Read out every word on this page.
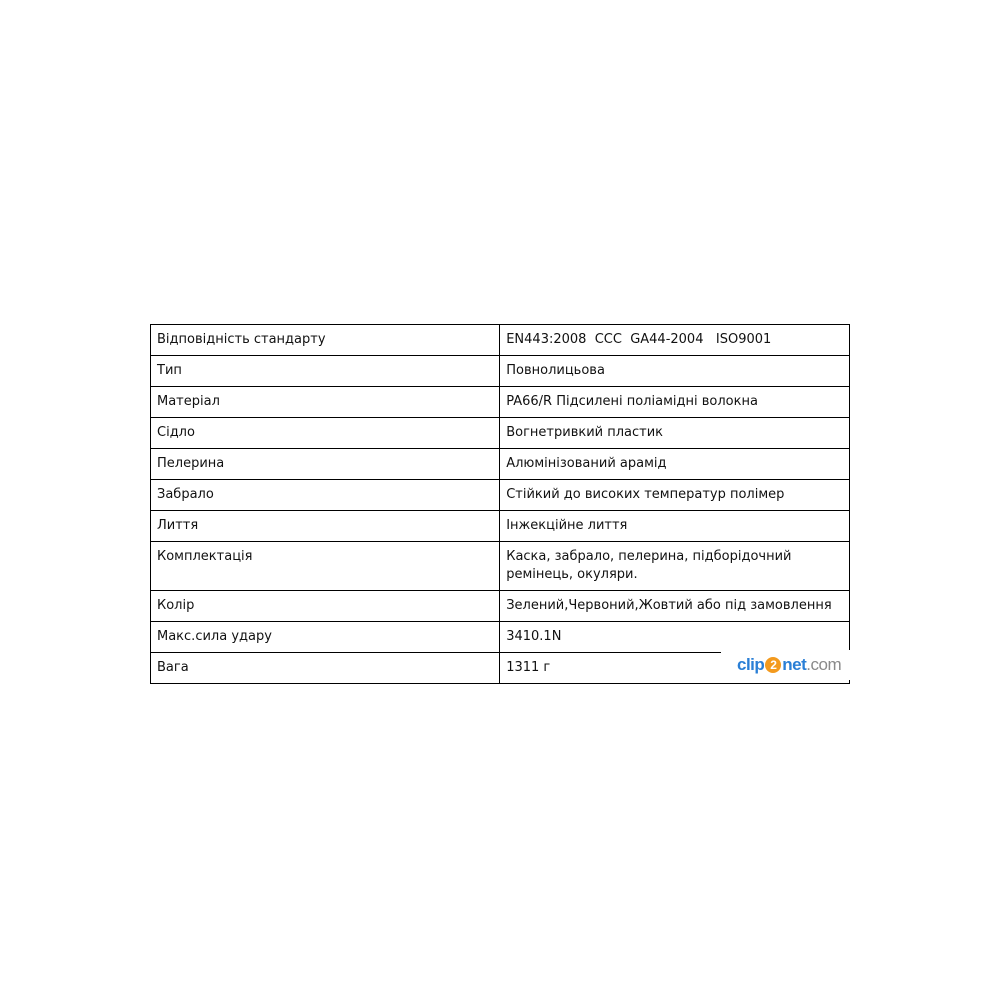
Відповідність стандарту	EN443:2008  CCC  GA44-2004   ISO9001
Тип	Повнолицьова
Матеріал	PA66/R Підсилені поліамідні волокна
Сідло	Вогнетривкий пластик
Пелерина	Алюмінізований арамід
Забрало	Стійкий до високих температур полімер
Лиття	Інжекційне лиття
Комплектація	Каска, забрало, пелерина, підборідочний ремінець, окуляри.
Колір	Зелений,Червоний,Жовтий або під замовлення
Макс.сила удару	3410.1N
Вага	1311 г	clip 2 net.com
